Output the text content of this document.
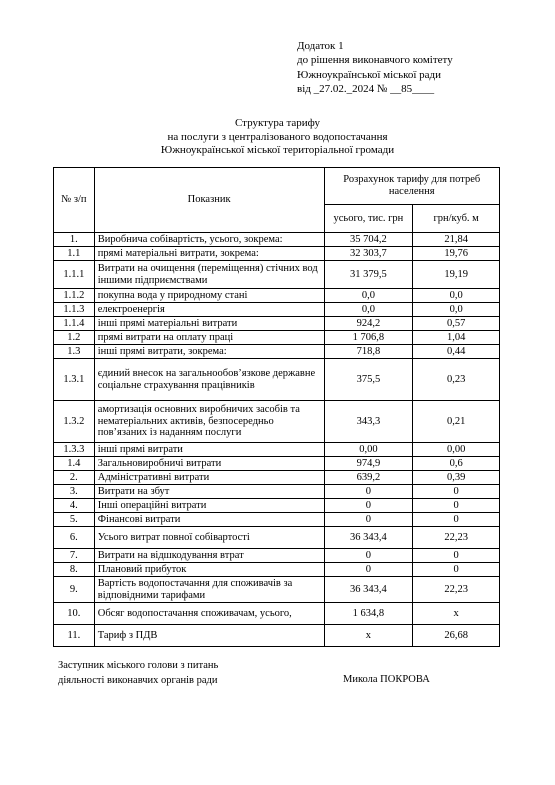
Додаток 1
до рішення виконавчого комітету
Южноукраїнської міської ради
від _27.02._2024 № __85____
Структура тарифу
на послуги з централізованого водопостачання
Южноукраїнської міської територіальної громади
№ з/п	Показник	Розрахунок тарифу для потреб населення	
		усього, тис. грн	грн/куб. м
1.	Виробнича собівартість, усього, зокрема:	35 704,2	21,84
1.1	прямі матеріальні витрати, зокрема:	32 303,7	19,76
1.1.1	Витрати на очищення (переміщення) стічних вод іншими підприємствами	31 379,5	19,19
1.1.2	покупна вода у природному стані	0,0	0,0
1.1.3	електроенергія	0,0	0,0
1.1.4	інші прямі матеріальні витрати	924,2	0,57
1.2	прямі витрати на оплату праці	1 706,8	1,04
1.3	інші прямі витрати, зокрема:	718,8	0,44
1.3.1	єдиний внесок на загальнообов’язкове державне соціальне страхування працівників	375,5	0,23
1.3.2	амортизація основних виробничих засобів та нематеріальних активів, безпосередньо пов’язаних із наданням послуги	343,3	0,21
1.3.3	інші прямі витрати	0,00	0,00
1.4	Загальновиробничі витрати	974,9	0,6
2.	Адміністративні витрати	639,2	0,39
3.	Витрати на збут	0	0
4.	Інші операційні витрати	0	0
5.	Фінансові витрати	0	0
6.	Усього витрат повної собівартості	36 343,4	22,23
7.	Витрати на відшкодування втрат	0	0
8.	Плановий прибуток	0	0
9.	Вартість водопостачання для споживачів за відповідними тарифами	36 343,4	22,23
10.	Обсяг водопостачання споживачам, усього,	1 634,8	х
11.	Тариф з ПДВ	х	26,68
Заступник міського голови з питань
діяльності виконавчих органів ради	Микола ПОКРОВА
